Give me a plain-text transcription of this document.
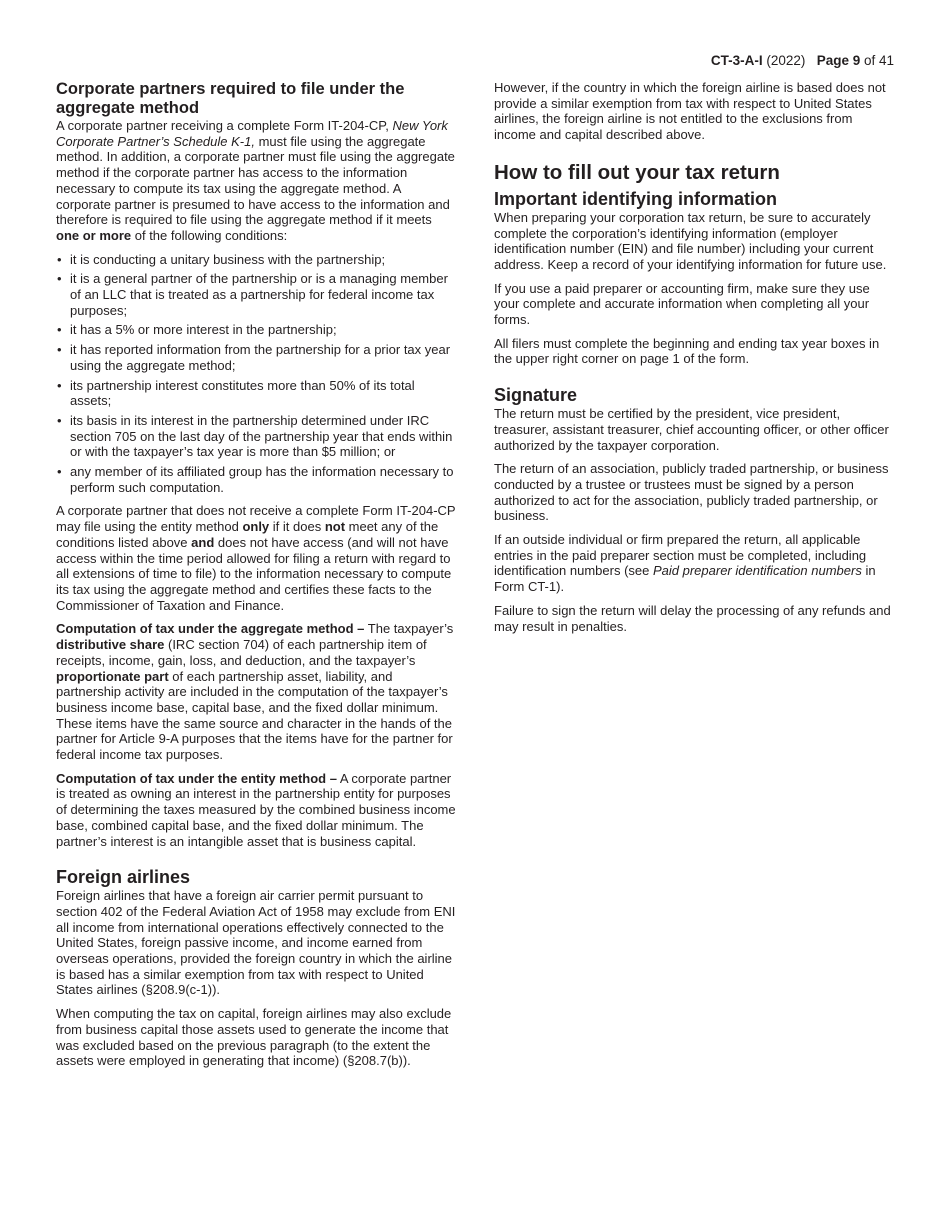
CT-3-A-I (2022) Page 9 of 41
Corporate partners required to file under the aggregate method

A corporate partner receiving a complete Form IT-204-CP, New York Corporate Partner’s Schedule K-1, must file using the aggregate method. In addition, a corporate partner must file using the aggregate method if the corporate partner has access to the information necessary to compute its tax using the aggregate method. A corporate partner is presumed to have access to the information and therefore is required to file using the aggregate method if it meets one or more of the following conditions:

• it is conducting a unitary business with the partnership;
• it is a general partner of the partnership or is a managing member of an LLC that is treated as a partnership for federal income tax purposes;
• it has a 5% or more interest in the partnership;
• it has reported information from the partnership for a prior tax year using the aggregate method;
• its partnership interest constitutes more than 50% of its total assets;
• its basis in its interest in the partnership determined under IRC section 705 on the last day of the partnership year that ends within or with the taxpayer’s tax year is more than $5 million; or
• any member of its affiliated group has the information necessary to perform such computation.

A corporate partner that does not receive a complete Form IT-204-CP may file using the entity method only if it does not meet any of the conditions listed above and does not have access (and will not have access within the time period allowed for filing a return with regard to all extensions of time to file) to the information necessary to compute its tax using the aggregate method and certifies these facts to the Commissioner of Taxation and Finance.

Computation of tax under the aggregate method – The taxpayer’s distributive share (IRC section 704) of each partnership item of receipts, income, gain, loss, and deduction, and the taxpayer’s proportionate part of each partnership asset, liability, and partnership activity are included in the computation of the taxpayer’s business income base, capital base, and the fixed dollar minimum. These items have the same source and character in the hands of the partner for Article 9-A purposes that the items have for the partner for federal income tax purposes.

Computation of tax under the entity method – A corporate partner is treated as owning an interest in the partnership entity for purposes of determining the taxes measured by the combined business income base, combined capital base, and the fixed dollar minimum. The partner’s interest is an intangible asset that is business capital.

Foreign airlines

Foreign airlines that have a foreign air carrier permit pursuant to section 402 of the Federal Aviation Act of 1958 may exclude from ENI all income from international operations effectively connected to the United States, foreign passive income, and income earned from overseas operations, provided the foreign country in which the airline is based has a similar exemption from tax with respect to United States airlines (§208.9(c-1)).

When computing the tax on capital, foreign airlines may also exclude from business capital those assets used to generate the income that was excluded based on the previous paragraph (to the extent the assets were employed in generating that income) (§208.7(b)).

However, if the country in which the foreign airline is based does not provide a similar exemption from tax with respect to United States airlines, the foreign airline is not entitled to the exclusions from income and capital described above.

How to fill out your tax return
Important identifying information

When preparing your corporation tax return, be sure to accurately complete the corporation’s identifying information (employer identification number (EIN) and file number) including your current address. Keep a record of your identifying information for future use.

If you use a paid preparer or accounting firm, make sure they use your complete and accurate information when completing all your forms.

All filers must complete the beginning and ending tax year boxes in the upper right corner on page 1 of the form.

Signature

The return must be certified by the president, vice president, treasurer, assistant treasurer, chief accounting officer, or other officer authorized by the taxpayer corporation.

The return of an association, publicly traded partnership, or business conducted by a trustee or trustees must be signed by a person authorized to act for the association, publicly traded partnership, or business.

If an outside individual or firm prepared the return, all applicable entries in the paid preparer section must be completed, including identification numbers (see Paid preparer identification numbers in Form CT-1).

Failure to sign the return will delay the processing of any refunds and may result in penalties.
